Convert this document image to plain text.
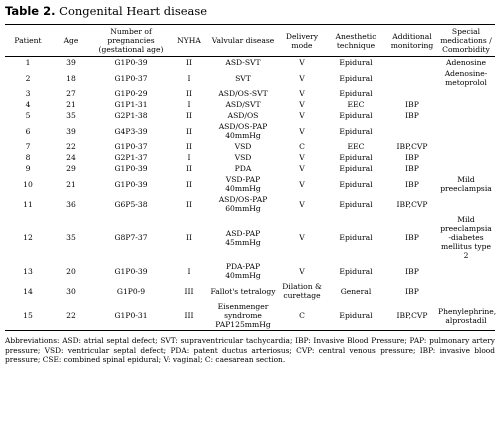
Table 2. Congenital Heart disease
Patient	Age	Number of pregnancies (gestational age)	NYHA	Valvular disease	Delivery mode	Anesthetic technique	Additional monitoring	Special medications / Comorbidity
1	39	G1P0-39	II	ASD-SVT	V	Epidural		Adenosine
2	18	G1P0-37	I	SVT	V	Epidural		Adenosine-metoprolol
3	27	G1P0-29	II	ASD/OS-SVT	V	Epidural		
4	21	G1P1-31	I	ASD/SVT	V	EEC	IBP	
5	35	G2P1-38	II	ASD/OS	V	Epidural	IBP	
6	39	G4P3-39	II	ASD/OS-PAP 40mmHg	V	Epidural		
7	22	G1P0-37	II	VSD	C	EEC	IBP,CVP	
8	24	G2P1-37	I	VSD	V	Epidural	IBP	
9	29	G1P0-39	II	PDA	V	Epidural	IBP	
10	21	G1P0-39	II	VSD-PAP 40mmHg	V	Epidural	IBP	Mild preeclampsia
11	36	G6P5-38	II	ASD/OS-PAP 60mmHg	V	Epidural	IBP,CVP	
12	35	G8P7-37	II	ASD-PAP 45mmHg	V	Epidural	IBP	Mild preeclampsia -diabetes mellitus type 2
13	20	G1P0-39	I	PDA-PAP 40mmHg	V	Epidural	IBP	
14	30	G1P0-9	III	Fallot's tetralogy	Dilation & curettage	General	IBP	
15	22	G1P0-31	III	Eisenmenger syndrome PAP125mmHg	C	Epidural	IBP,CVP	Phenylephrine, alprostadil
Abbreviations: ASD: atrial septal defect; SVT: supraventricular tachycardia; IBP: Invasive Blood Pressure; PAP: pulmonary artery pressure; VSD: ventricular septal defect; PDA: patent ductus arteriosus; CVP: central venous pressure; IBP: invasive blood pressure; CSE: combined spinal epidural; V: vaginal; C: caesarean section.
